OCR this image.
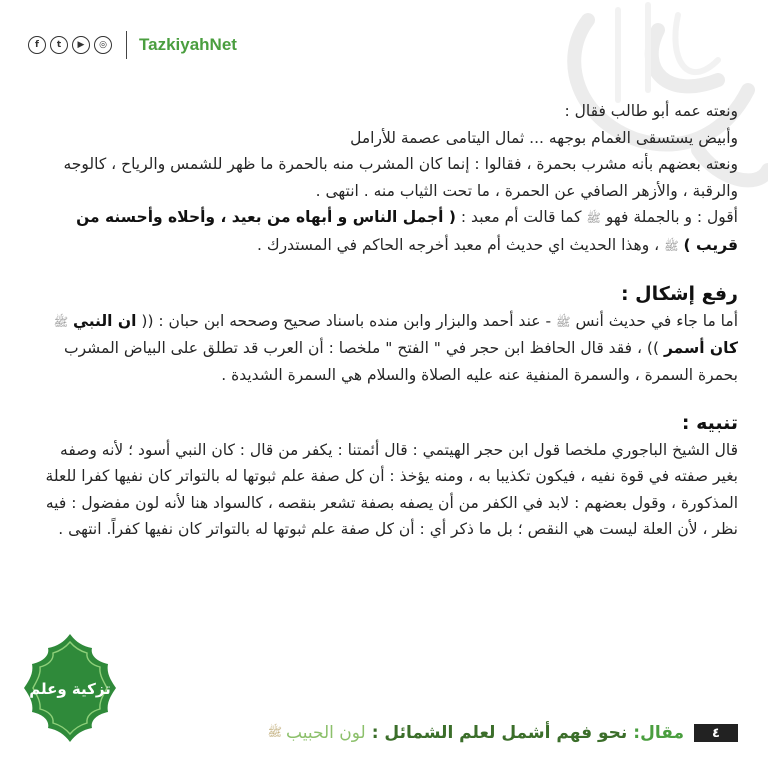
f	t	▶	◎ TazkiyahNet

ونعته عمه أبو طالب فقال :

وأبيض يستسقى الغمام بوجهه ... ثمال اليتامى عصمة للأرامل

ونعته بعضهم بأنه مشرب بحمرة ، فقالوا : إنما كان المشرب منه بالحمرة ما ظهر للشمس والرياح ، كالوجه والرقبة ، والأزهر الصافي عن الحمرة ، ما تحت الثياب منه . انتهى .

أقول : و بالجملة فهو ﷺ كما قالت أم معبد : ( أجمل الناس و أبهاه من بعيد ، وأحلاه وأحسنه من قريب ) ﷺ ، وهذا الحديث اي حديث أم معبد أخرجه الحاكم في المستدرك .

رفع إشكال :

أما ما جاء في حديث أنس ﷺ - عند أحمد والبزار وابن منده باسناد صحيح وصححه ابن حبان : (( ان النبي ﷺ كان أسمر )) ، فقد قال الحافظ ابن حجر في " الفتح " ملخصا : أن العرب قد تطلق على البياض المشرب بحمرة السمرة ، والسمرة المنفية عنه عليه الصلاة والسلام هي السمرة الشديدة .

تنبيه :

قال الشيخ الباجوري ملخصا قول ابن حجر الهيتمي : قال أئمتنا : يكفر من قال : كان النبي أسود ؛ لأنه وصفه بغير صفته في قوة نفيه ، فيكون تكذيبا به ، ومنه يؤخذ : أن كل صفة علم ثبوتها له بالتواتر كان نفيها كفرا للعلة المذكورة ، وقول بعضهم : لابد في الكفر من أن يصفه بصفة تشعر بنقصه ، كالسواد هنا لأنه لون مفضول : فيه نظر ، لأن العلة ليست هي النقص ؛ بل ما ذكر أي : أن كل صفة علم ثبوتها له بالتواتر كان نفيها كفراً. انتهى .

تزكية وعلم
٤
مقال:
نحو فهم أشمل لعلم الشمائل :
لون الحبيب
ﷺ
